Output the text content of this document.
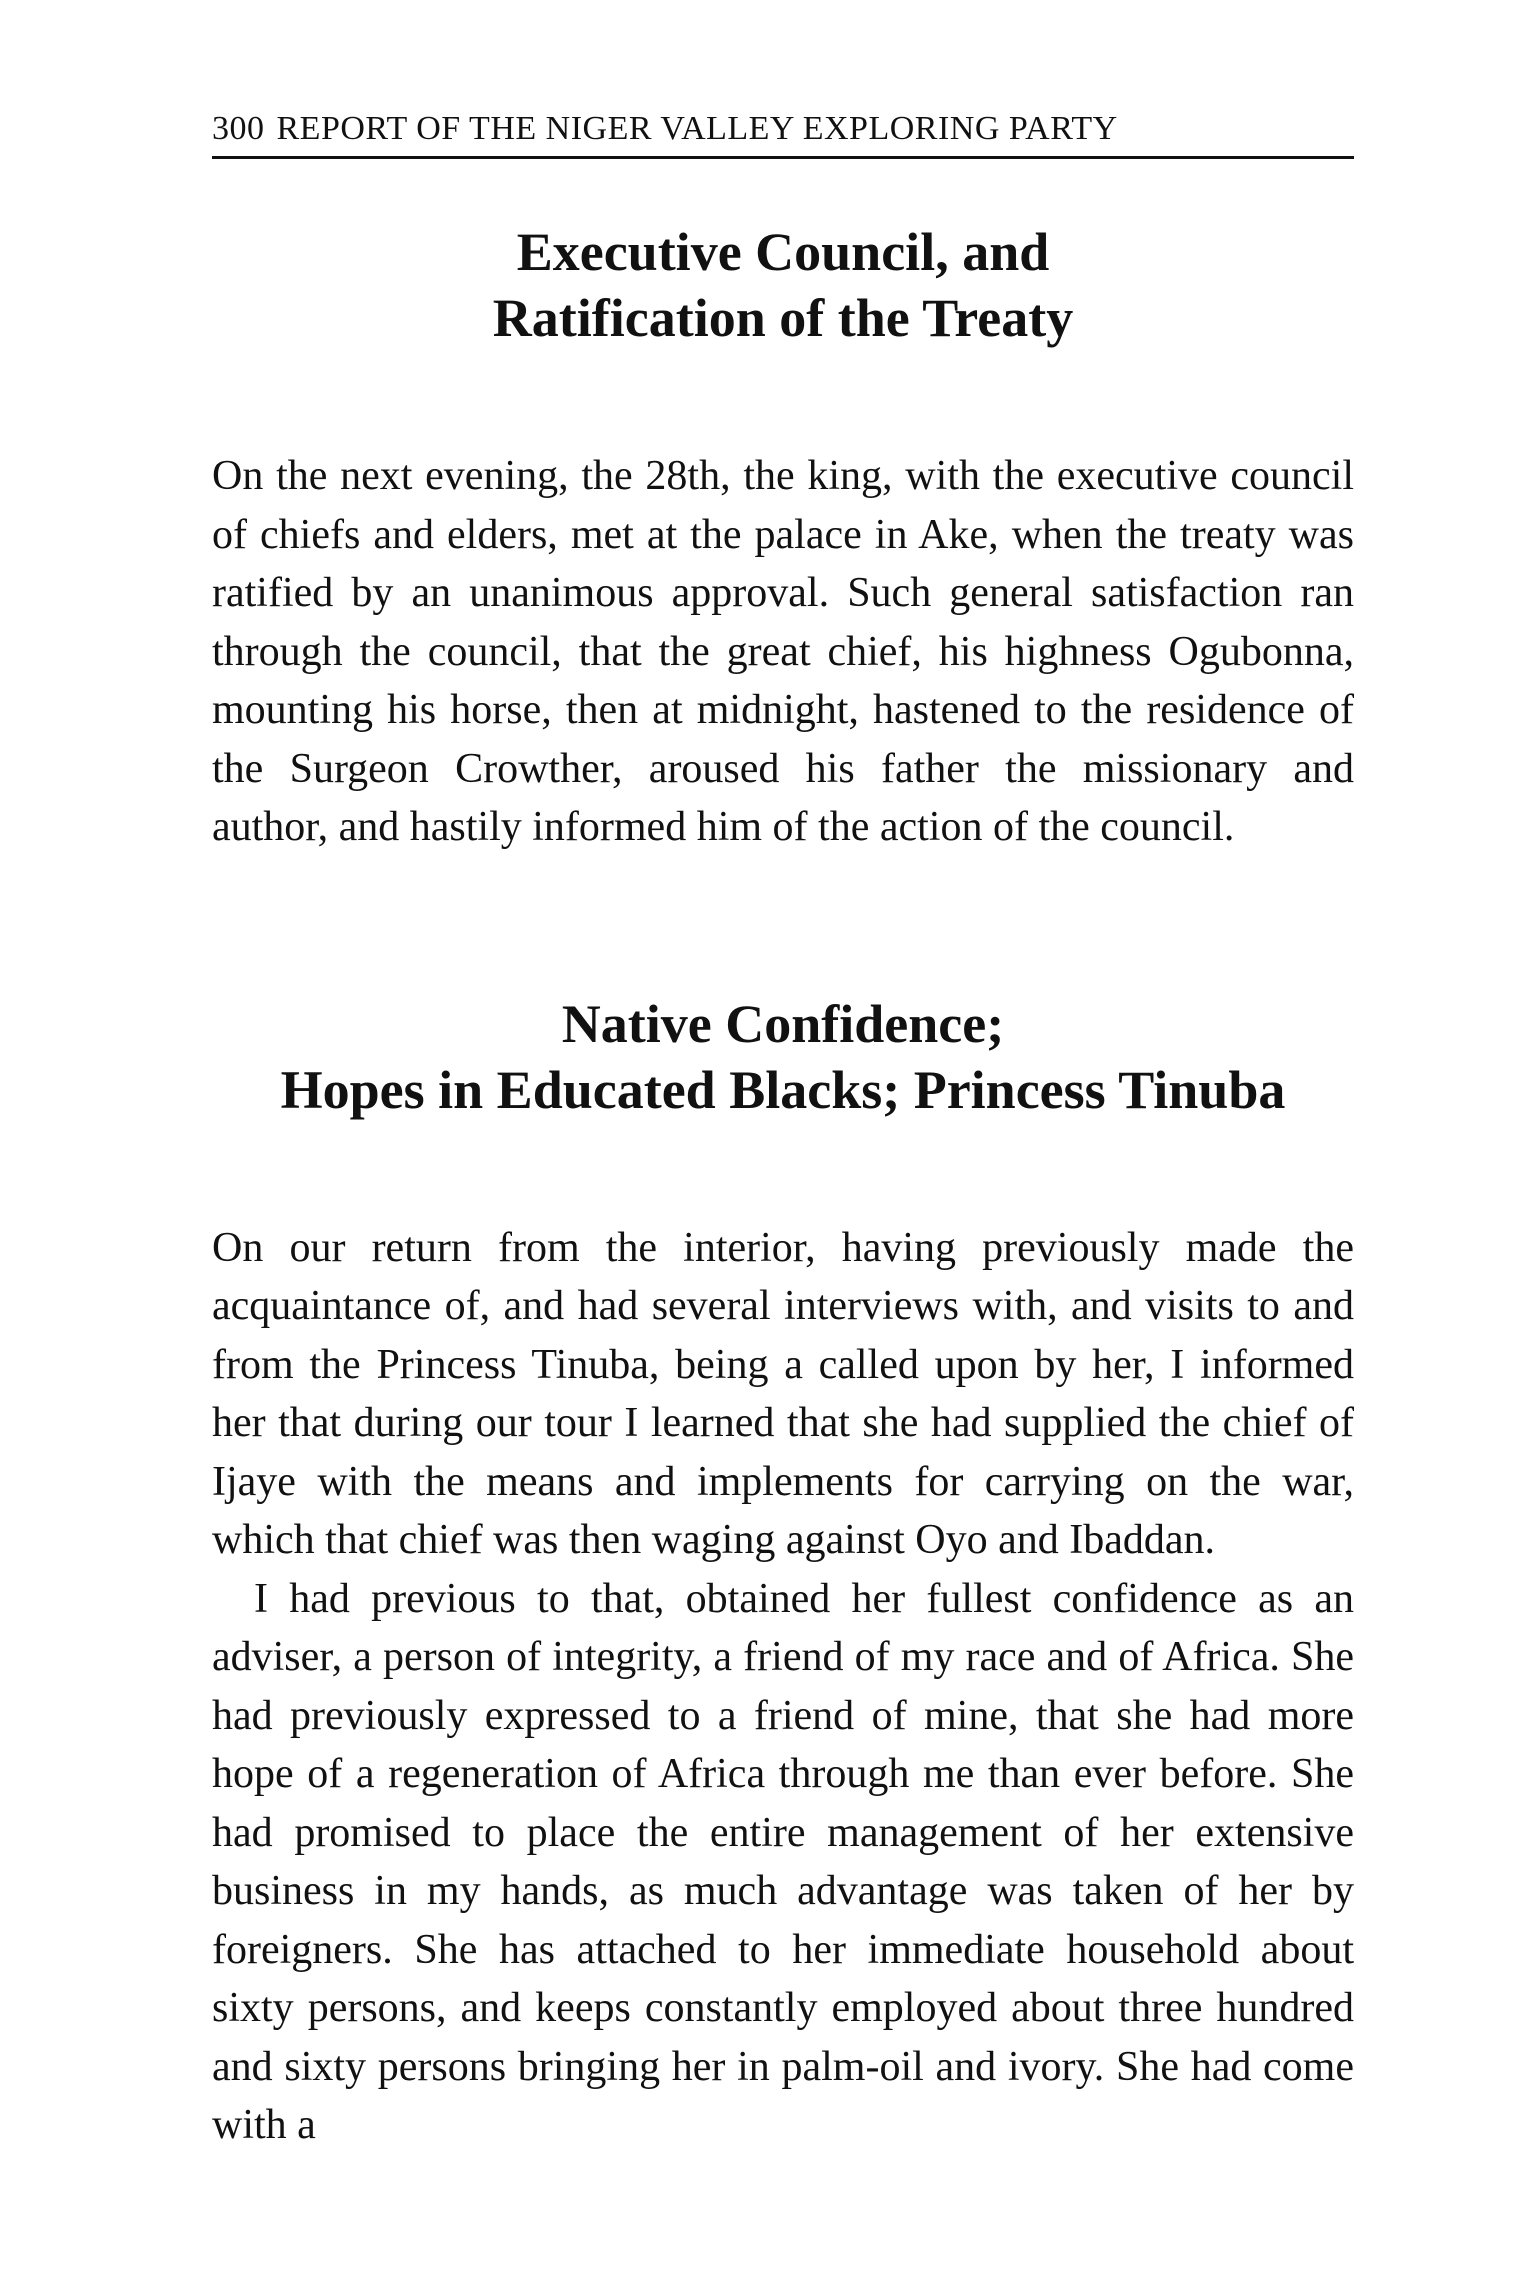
300 REPORT OF THE NIGER VALLEY EXPLORING PARTY
Executive Council, and
Ratification of the Treaty

On the next evening, the 28th, the king, with the executive council of chiefs and elders, met at the palace in Ake, when the treaty was ratified by an unanimous approval. Such general satisfaction ran through the council, that the great chief, his highness Ogubonna, mounting his horse, then at midnight, hastened to the residence of the Surgeon Crowther, aroused his father the missionary and author, and hastily informed him of the action of the council.

Native Confidence;
Hopes in Educated Blacks; Princess Tinuba

On our return from the interior, having previously made the acquaintance of, and had several interviews with, and visits to and from the Princess Tinuba, being a called upon by her, I informed her that during our tour I learned that she had supplied the chief of Ijaye with the means and implements for carrying on the war, which that chief was then waging against Oyo and Ibaddan.

I had previous to that, obtained her fullest confidence as an adviser, a person of integrity, a friend of my race and of Africa. She had previously expressed to a friend of mine, that she had more hope of a regeneration of Africa through me than ever before. She had promised to place the entire management of her extensive business in my hands, as much advantage was taken of her by foreigners. She has attached to her immediate household about sixty persons, and keeps constantly employed about three hundred and sixty persons bringing her in palm-oil and ivory. She had come with a
